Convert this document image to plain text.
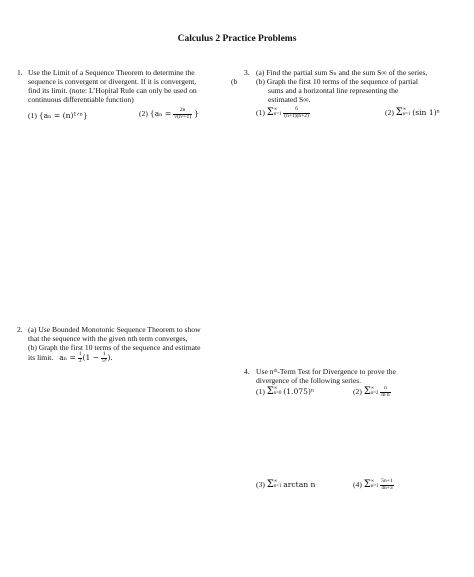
Calculus 2 Practice Problems
1. Use the Limit of a Sequence Theorem to determine the
sequence is convergent or divergent. If it is convergent,
find its limit. (note: L’Hopital Rule can only be used on
continuous differentiable function)
(b
(1) {aₙ = (n)¹ᐟⁿ}	(2) {$a_n = \frac{2n}{\text{√(n²+1)}}$ }
3. (a) Find the partial sum Sₙ and the sum S∞ of the series,
(b) Graph the first 10 terms of the sequence of partial
sums and a horizontal line representing the
estimated S∞.
(1) Σ ∞
n=1
$\frac{6}{(n+1)(n+2)}$	(2) Σ ∞
n=1 (sin 1)ⁿ
2. (a) Use Bounded Monotonic Sequence Theorem to show
that the sequence with the given nth term converges,
(b) Graph the first 10 terms of the sequence and estimate
its limit. $a_n = \frac{1}{3} (1 - \frac{1}{\text{5ⁿ}}$ ).
4. Use nᵗʰ-Term Test for Divergence to prove the
divergence of the following series.
(1) Σ ∞
n=0 (1.075)ⁿ	(2) Σ ∞
n=2
$\frac{n}{\text{ln n}}$
(3) Σ ∞
n=1 arctan n	(4) Σ ∞
n=1
$\frac{5n+1}{4n+3}$
